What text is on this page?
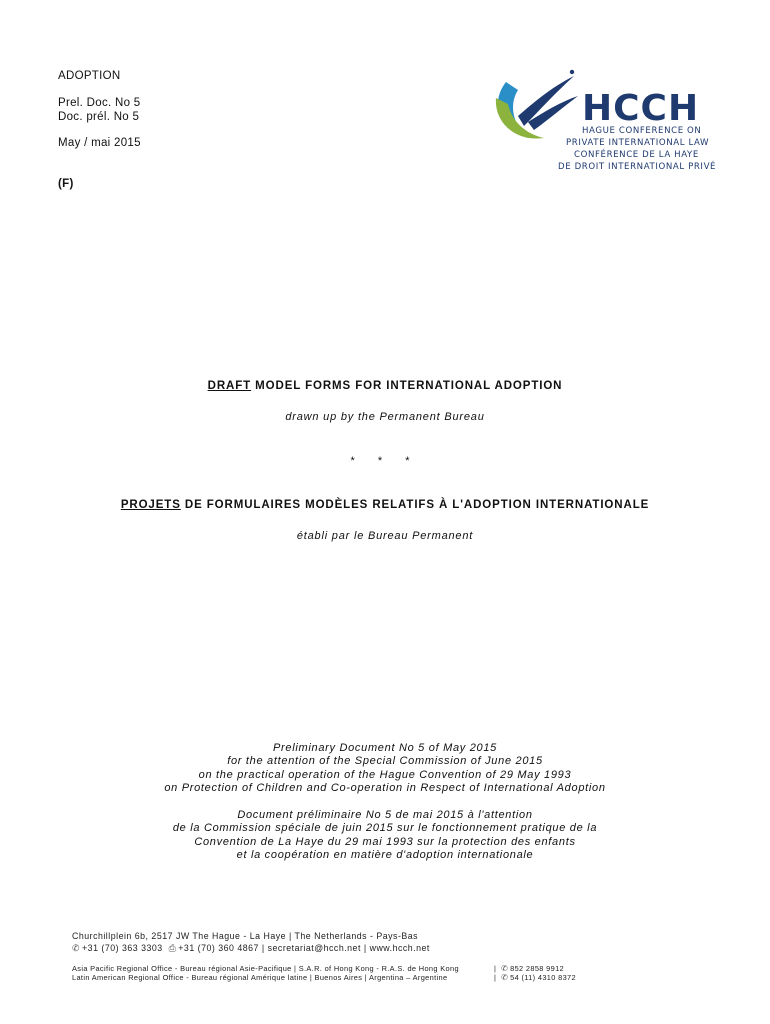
ADOPTION
Prel. Doc. No 5
Doc. prél. No 5
May / mai 2015
(F)
HCCH
HAGUE CONFERENCE ON
PRIVATE INTERNATIONAL LAW
CONFÉRENCE DE LA HAYE
DE DROIT INTERNATIONAL PRIVÉ
DRAFT MODEL FORMS FOR INTERNATIONAL ADOPTION
drawn up by the Permanent Bureau
* * *
PROJETS DE FORMULAIRES MODÈLES RELATIFS À L'ADOPTION INTERNATIONALE
établi par le Bureau Permanent
Preliminary Document No 5 of May 2015
for the attention of the Special Commission of June 2015
on the practical operation of the Hague Convention of 29 May 1993
on Protection of Children and Co-operation in Respect of International Adoption
Document préliminaire No 5 de mai 2015 à l'attention
de la Commission spéciale de juin 2015 sur le fonctionnement pratique de la
Convention de La Haye du 29 mai 1993 sur la protection des enfants
et la coopération en matière d'adoption internationale
Churchillplein 6b, 2517 JW The Hague - La Haye | The Netherlands - Pays-Bas
✆ +31 (70) 363 3303 ⎙ +31 (70) 360 4867 | secretariat@hcch.net | www.hcch.net
Asia Pacific Regional Office - Bureau régional Asie-Pacifique | S.A.R. of Hong Kong - R.A.S. de Hong Kong	|  ✆ 852 2858 9912
Latin American Regional Office - Bureau régional Amérique latine | Buenos Aires | Argentina – Argentine	|  ✆ 54 (11) 4310 8372
